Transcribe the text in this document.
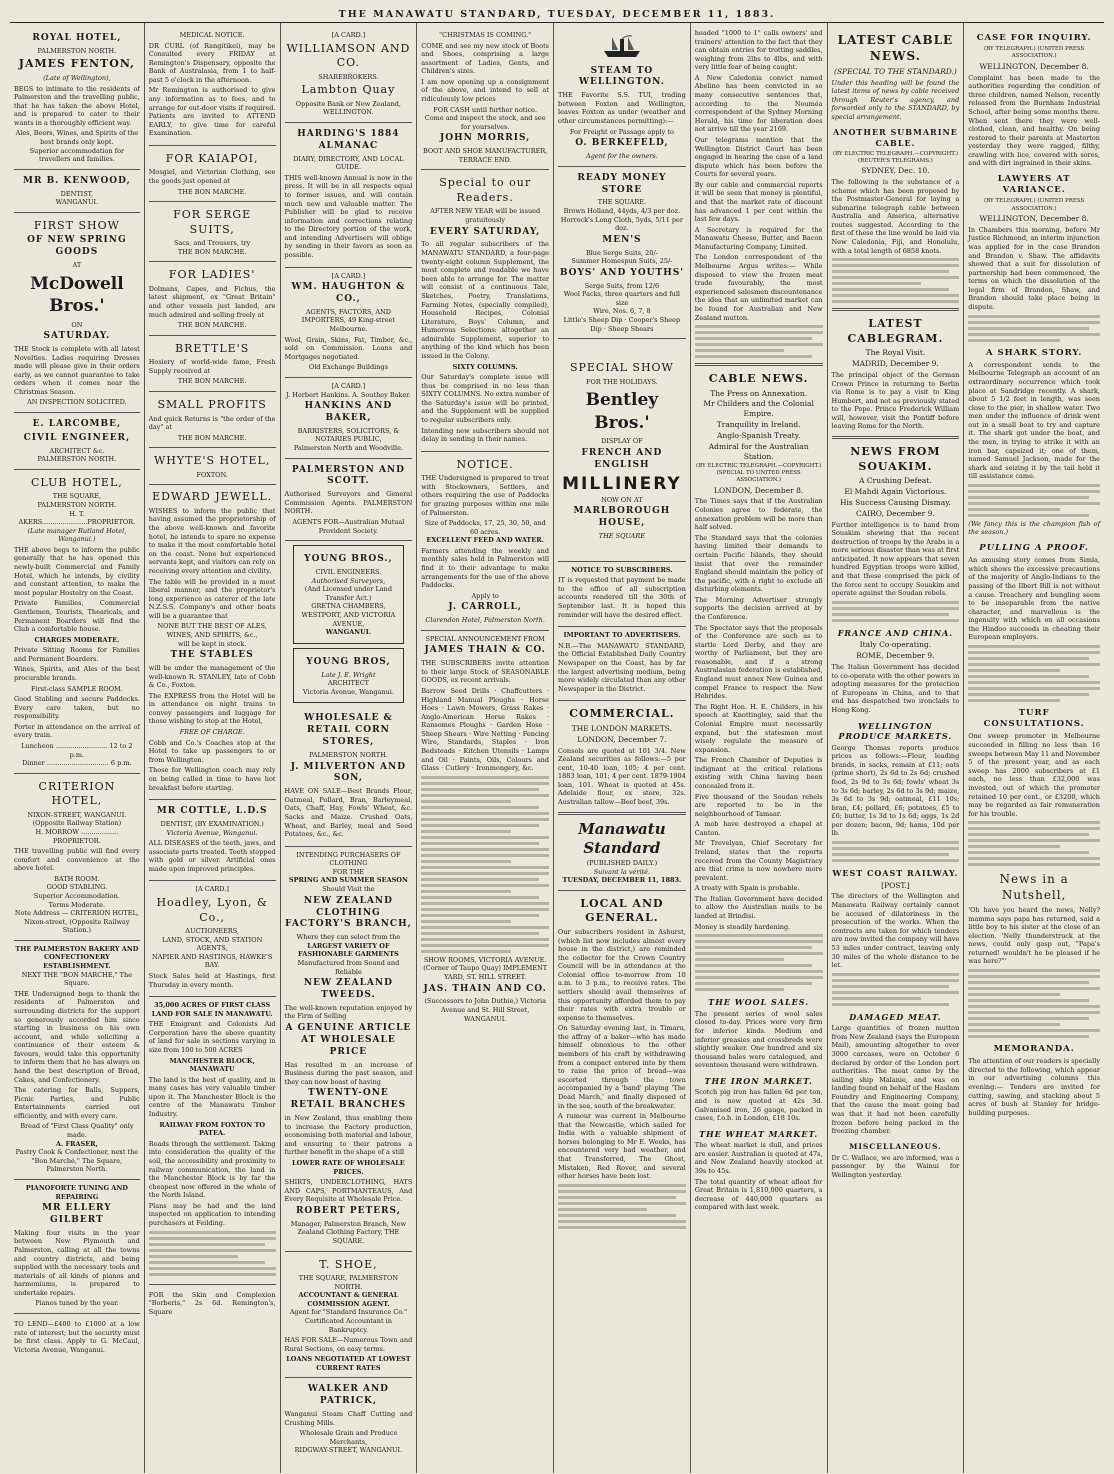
THE MANAWATU STANDARD, TUESDAY, DECEMBER 11, 1883.
ROYAL HOTEL,
PALMERSTON NORTH.
JAMES FENTON,
(Late of Wellington),
BEGS to intimate to the residents of Palmerston and the travelling public, that he has taken the above Hotel, and is prepared to cater to their wants in a thoroughly efficient way.
Ales, Beers, Wines, and Spirits of the best brands only kept.
Superior accommodation for travellers and families.
MR B. KENWOOD,
DENTIST,
WANGANUI.
FIRST SHOW
OF NEW SPRING GOODS
AT
McDowell Bros.'
ON
SATURDAY.
THE Stock is complete with all latest Novelties. Ladies requiring Dresses made will please give in their orders early, as we cannot guarantee to take orders when it comes near the Christmas Season.
AN INSPECTION SOLICITED.
E. LARCOMBE,
CIVIL ENGINEER,
ARCHITECT &c.
PALMERSTON NORTH.
CLUB HOTEL,
THE SQUARE,
PALMERSTON NORTH.
H. T. AKERS......................PROPRIETOR.
(Late manager Rutland Hotel, Wanganui.)
THE above begs to inform the public generally that he has opened this newly-built Commercial and Family Hotel, which he intends, by civility and constant attention, to make the most popular Hostelry on the Coast.
Private Families, Commercial Gentlemen, Tourists, Thearicals, and Permanent Boarders will find the Club a comfortable house.
CHARGES MODERATE.
Private Sitting Rooms for Families and Permanent Boarders.
Wines, Spirits, and Ales of the best procurable brands.
First-class SAMPLE ROOM.
Good Stabling and secure Paddocks. Every care taken, but no responsibility.
Porter in attendance on the arrival of every train.
Luncheon ......................... 12 to 2 p.m.
Dinner .............................. 6 p.m.
CRITERION HOTEL,
NIXON-STREET, WANGANUI.
(Opposite Railway Station)
H. MORROW .................. PROPRIETOR.
THE travelling public will find every comfort and convenience at the above hotel.
BATH ROOM.
GOOD STABLING.
Superior Accommodation.
Terms Moderate.
Note Address — CRITERION HOTEL, Nixon-street, (Opposite Railway Station.)
THE PALMERSTON BAKERY AND CONFECTIONERY ESTABLISHMENT.
NEXT THE "BON MARCHE," The Square.
THE Undersigned begs to thank the residents of Palmerston and surrounding districts for the support so generously accorded him since starting in business on his own account, and while soliciting a continuance of their esteem & favours, would take this opportunity to inform them that he has always on hand the best description of Bread, Cakes, and Confectionery.
The catering for Balls, Suppers, Picnic Parties, and Public Entertainments carried out efficiently, and with every care.
Bread of "First Class Quality" only made.
A. FRASER,
Pastry Cook & Confectioner, next the "Bon Marché," The Square, Palmerston North.
PIANOFORTE TUNING AND REPAIRING
MR ELLERY GILBERT
Making four visits in the year between New Plymouth and Palmerston, calling at all the towns and country districts, and being supplied with the necessary tools and materials of all kinds of pianos and harmoniums, is prepared to undertake repairs.
Pianos tuned by the year.
TO LEND—£400 to £1000 at a low rate of interest; but the security must be first class. Apply to G. McCaul, Victoria Avenue, Wanganui.
MEDICAL NOTICE.
DR CURL (of Rangitikei), may be Consulted every FRIDAY at Remington's Dispensary, opposite the Bank of Australasia, from 1 to half-past 5 o'clock in the afternoon.
Mr Remington is authorised to give any information as to fees, and to arrange for out-door visits if required. Patients are invited to ATTEND EARLY, to give time for careful Examination.
FOR KAIAPOI,
Mosgiel, and Victorian Clothing, see the goods just opened at
THE BON MARCHE.
FOR SERGE SUITS,
Sacs, and Trousers, try
THE BON MARCHE.
FOR LADIES'
Dolmans, Capes, and Fichus, the latest shipment, ex "Great Britain" and other vessels just landed, are much admired and selling freely at
THE BON MARCHE.
BRETTLE'S
Hosiery of world-wide fame, Fresh Supply received at
THE BON MARCHE.
SMALL PROFITS
And quick Returns is "the order of the day" at
THE BON MARCHE.
WHYTE'S HOTEL,
FOXTON.
EDWARD JEWELL.
WISHES to inform the public that having assumed the proprietorship of the above well-known and favorite hotel, he intends to spare no expense to make it the most comfortable hotel on the coast. None but experienced servants kept, and visitors can rely on receiving every attention and civility.
The table will be provided in a most liberal manner, and the proprietor's long experience as caterer of the late N.Z.S.S. Company's and other boats will be a guarantee that
NONE BUT THE BEST OF ALES, WINES, AND SPIRITS, &c.,
will be kept in stock.
THE STABLES
will be under the management of the well-known R. STANLEY, late of Cobb & Co., Foxton.
The EXPRESS from the Hotel will be in attendance on night trains to convey passengers and luggage for those wishing to stop at the Hotel,
FREE OF CHARGE.
Cobb and Co.'s Coaches stop at the Hotel to take up passengers to or from Wellington.
Those for Wellington coach may rely on being called in time to have hot breakfast before starting.
MR COTTLE, L.D.S
DENTIST, (BY EXAMINATION.)
Victoria Avenue, Wanganui.
ALL DISEASES of the teeth, jaws, and associate parts treated. Teeth stopped with gold or silver. Artificial ones made upon improved principles.
[A CARD.]
Hoadley, Lyon, & Co.,
AUCTIONEERS,
LAND, STOCK, AND STATION AGENTS,
NAPIER AND HASTINGS, HAWKE'S BAY.
Stock Sales held at Hastings, first Thursday in every month.
35,000 ACRES OF FIRST CLASS LAND FOR SALE IN MANAWATU.
THE Emigrant and Colonists Aid Corporation have the above quantity of land for sale in sections varying in size from 100 to 500 ACRES
MANCHESTER BLOCK, MANAWATU
The land is the best of quality, and in many cases has very valuable timber upon it. The Manchester Block is the centre of the Manawatu Timber Industry.
RAILWAY FROM FOXTON TO PATEA.
Roads through the settlement. Taking into consideration the quality of the soil, the accessibility and proximity to railway communication, the land in the Manchester Block is by far the cheapest now offered in the whole of the North Island.
Plans may be had and the land inspected on application to intending purchasers at Feilding.
FOR the Skin and Complexion "Borberis," 2s 6d. Remington's, Square
[A CARD.]
WILLIAMSON AND CO.
SHAREBROKERS.
Lambton Quay
Opposite Bank or New Zealand, WELLINGTON.
HARDING'S 1884 ALMANAC
DIARY, DIRECTORY, AND LOCAL GUIDE.
THIS well-known Annual is now in the press. It will be in all respects equal to former issues, and will contain much new and valuable matter. The Publisher will be glad to receive information and corrections relating to the Directory portion of the work, and intending Advertisers will oblige by sending in their favors as soon as possible.
[A CARD.]
WM. HAUGHTON & CO.,
AGENTS, FACTORS, AND IMPORTERS, 49 King-street Melbourne.
Wool, Grain, Skins, Fat, Timber, &c., sold on Commission. Loans and Mortgages negotiated.
Old Exchange Buildings
[A CARD.]
J. Herbert Hankins. A. Southey Baker.
HANKINS AND BAKER,
BARRISTERS, SOLICITORS, & NOTARIES PUBLIC,
Palmerston North and Woodville.
PALMERSTON AND SCOTT.
Authorised Surveyors and General Commission Agents. PALMERSTON NORTH.
AGENTS FOR—Australian Mutual Provident Society.
YOUNG BROS.,
CIVIL ENGINEERS.
Authorised Surveyors,
(And Licensed under Land Transfer Act.)
GRETNA CHAMBERS, WESTPORT, AND VICTORIA AVENUE,
WANGANUI.
YOUNG BROS,
Late J. E. Wright
ARCHITECT
Victoria Avenue, Wanganui.
WHOLESALE & RETAIL CORN STORES,
PALMERSTON NORTH.
J. MILVERTON AND SON,
HAVE ON SALE—Best Brands Flour, Oatmeal, Pollard, Bran, Barleymeal, Oats, Chaff, Hay, Fowls' Wheat, &c. Sacks and Maize. Crushed Oats, Wheat, and Barley, meal and Seed Potatoes, &c., &c.
INTENDING PURCHASERS OF CLOTHING
FOR THE
SPRING AND SUMMER SEASON
Should Visit the
NEW ZEALAND CLOTHING FACTORY'S BRANCH,
Where they can select from the
LARGEST VARIETY OF FASHIONABLE GARMENTS
Manufactured from Sound and Reliable
NEW ZEALAND TWEEDS.
The well-known reputation enjoyed by the Firm of Selling
A GENUINE ARTICLE AT WHOLESALE PRICE
Has resulted in an increase of Business during the past season, and they can now boast of having
TWENTY-ONE RETAIL BRANCHES
in New Zealand, thus enabling them to increase the Factory production, economising both material and labour, and ensuring to their patrons a further benefit in the shape of a still
LOWER RATE OF WHOLESALE PRICES.
SHIRTS, UNDERCLOTHING, HATS AND CAPS, PORTMANTEAUS, And Every Requisite at Wholesale Price.
ROBERT PETERS,
Manager, Palmerston Branch, New Zealand Clothing Factory, THE SQUARE.
T. SHOE,
THE SQUARE, PALMERSTON NORTH.
ACCOUNTANT & GENERAL COMMISSION AGENT.
Agent for "Standard Insurance Co."
Certificated Accountant in Bankruptcy.
HAS FOR SALE—Numerous Town and Rural Sections, on easy terms.
LOANS NEGOTIATED AT LOWEST CURRENT RATES
WALKER AND PATRICK,
Wanganui Steam Chaff Cutting and Crushing Mills.
Wholesale Grain and Produce Merchants,
RIDGWAY-STREET, WANGANUI.
"CHRISTMAS IS COMING."
COME and see my new stock of Boots and Shoes, comprising a large assortment of Ladies, Gents, and Children's sizes.
I am now opening up a consignment of the above, and intend to sell at ridiculously low prices
FOR CASH until further notice.
Come and inspect the stock, and see for yourselves.
JOHN MORRIS,
BOOT AND SHOE MANUFACTURER, TERRACE END.
Special to our Readers.
AFTER NEW YEAR will be issued gratuitously
EVERY SATURDAY,
To all regular subscribers of the MANAWATU STANDARD, a four-page twenty-eight column Supplement, the most complete and readable we have been able to arrange for. The matter will consist of a continuous Tale, Sketches, Poetry, Translations, Farming Notes, (specially compiled), Household Recipes, Colonial Literature, Boys' Column, and Humorous Selections: altogether an admirable Supplement, superior to anything of the kind which has been issued in the Colony.
SIXTY COLUMNS.
Our Saturday's complete issue will thus be comprised in no less than SIXTY COLUMNS. No extra number of the Saturday's issue will be printed, and the Supplement will be supplied to regular subscribers only.
Intending new subscribers should not delay in sending in their names.
NOTICE.
THE Undersigned is prepared to treat with Stockowners, Settlers, and others requiring the use of Paddocks for grazing purposes within one mile of Palmerston.
Size of Paddocks, 17, 25, 30, 50, and 60 acres.
EXCELLENT FEED AND WATER.
Farmers attending the weekly and monthly sales held in Palmerston will find it to their advantage to make arrangements for the use of the above Paddocks.
Apply to
J. CARROLL,
Clarendon Hotel, Palmerston North.
SPECIAL ANNOUNCEMENT FROM
JAMES THAIN & CO.
THE SUBSCRIBERS invite attention to their large Stock of SEASONABLE GOODS, ex recent arrivals.
Barrow Seed Drills · Chaffcutters · Highland Manual Ploughs · Horse Hoes · Lawn Mowers, Grass Rakes · Anglo-American Horse Rakes · Ransomes Ploughs · Garden Hose · Sheep Shears · Wire Netting · Fencing Wire, Standards, Staples · Iron Bedsteads · Kitchen Utensils · Lamps and Oil · Paints, Oils, Colours and Glass · Cutlery · Ironmongery, &c.
SHOW ROOMS, VICTORIA AVENUE.
(Corner of Taupo Quay) IMPLEMENT YARD, ST. HILL STREET.
JAS. THAIN AND CO.
(Successors to John Duthie,) Victoria Avenue and St. Hill Street, WANGANUI.
STEAM TO WELLINGTON.
THE Favorite S.S. TUI, trading between Foxton and Wellington, leaves Foxton as under (weather and other circumstances permitting):—
For Freight or Passage apply to
O. BERKEFELD,
Agent for the owners.
READY MONEY STORE
THE SQUARE.
Brown Holland, 44yds, 4/3 per doz.
Horrock's Long Cloth, 5yds, 5/11 per doz.
MEN'S
Blue Serge Suits, 20/-
Summer Homespun Suits, 25/-
BOYS' AND YOUTHS'
Serge Suits, from 12/6
Wool Packs, three quarters and full size
Wire, Nos. 6, 7, 8
Little's Sheep Dip · Cooper's Sheep Dip · Sheep Shears
SPECIAL SHOW
FOR THE HOLIDAYS.
Bentley Bros.'
DISPLAY OF
FRENCH AND ENGLISH
MILLINERY
NOW ON AT
MARLBOROUGH HOUSE,
THE SQUARE
NOTICE TO SUBSCRIBERS.
IT is requested that payment be made to the office of all subscription accounts rendered till the 30th of September last. It is hoped this reminder will have the desired effect.
IMPORTANT TO ADVERTISERS.
N.B.—The MANAWATU STANDARD, the Official Established Daily Country Newspaper on the Coast, has by far the largest advertising medium, being more widely circulated than any other Newspaper in the District.
COMMERCIAL.
THE LONDON MARKETS.
LONDON, December 7.
Consols are quoted at 101 3/4. New Zealand securities as follows:—5 per cent, 10-40 loan, 105; 4 per cent. 1883 loan, 101; 4 per cent. 1879-1904 loan, 101. Wheat is quoted at 45s. Adelaide flour, ex store, 32s. Australian tallow—Beef beef, 39s.
Manawatu Standard
(PUBLISHED DAILY.)
Suivant la vérité.
TUESDAY, DECEMBER 11, 1883.
LOCAL AND GENERAL.
Our subscribers resident in Ashurst, (which list now includes almost every house in the district,) are reminded the collector for the Crown Country Council will be in attendance at the Colonial office to-morrow from 10 a.m. to 3 p.m., to receive rates. The settlers should avail themselves of this opportunity afforded them to pay their rates with extra trouble or expense to themselves.
On Saturday evening last, in Timaru, the affray of a baker—who has made himself obnoxious to the other members of his craft by withdrawing from a compact entered into by them to raise the price of bread—was escorted through the town accompanied by a 'band' playing 'The Dead March,' and finally disposed of in the sea, south of the breakwater.
A rumour was current in Melbourne that the Newcastle, which sailed for India with a valuable shipment of horses belonging to Mr E. Weeks, has encountered very bad weather, and that Transferred, The Ghost, Mistaken, Red Rover, and several other horses have been lost.
headed "1000 to 1" calls owners' and trainers' attention to the fact that they can obtain entries for trotting saddles, weighing from 2lbs to 4lbs, and with very little fear of being caught.
A New Caledonia convict named Abelino has been convicted in so many consecutive sentences that, according to the Nouméa correspondent of the Sydney Morning Herald, his time for liberation does not arrive till the year 2169.
Our telegrams mention that the Wellington District Court has been engaged in hearing the case of a land dispute which has been before the Courts for several years.
By our cable and commercial reports it will be seen that money is plentiful, and that the market rate of discount has advanced 1 per cent within the last few days.
A Secretary is required for the Manawatu Cheese, Butter, and Bacon Manufacturing Company, Limited.
The London correspondent of the Melbourne Argus writes:— While disposed to view the frozen meat trade favourably, the most experienced salesmen discountenance the idea that an unlimited market can be found for Australian and New Zealand mutton.
CABLE NEWS.
The Press on Annexation.
Mr Childers and the Colonial Empire.
Tranquility in Ireland.
Anglo-Spanish Treaty.
Admiral for the Australian Station.
(BY ELECTRIC TELEGRAPH.—COPYRIGHT.) (SPECIAL TO UNITED PRESS ASSOCIATION.)
LONDON, December 8.
The Times says that if the Australian Colonies agree to federate, the annexation problem will be more than half solved.
The Standard says that the colonies having limited their demands to certain Pacific Islands, they should insist that over the remainder England should maintain the policy of the pacific, with a right to exclude all disturbing elements.
The Morning Advertiser strongly supports the decision arrived at by the Conference.
The Spectator says that the proposals of the Conference are such as to startle Lord Derby, and they are worthy of Parliament, but they are reasonable, and if a strong Australasian federation is established, England must annex New Guinea and compel France to respect the New Hebrides.
The Right Hon. H. E. Childers, in his speech at Knottingley, said that the Colonial Empire must necessarily expand, but the statesmen must wisely regulate the measure of expansion.
The French Chamber of Deputies is indignant at the critical relations existing with China having been concealed from it.
Five thousand of the Soudan rebels are reported to be in the neighbourhood of Tamaar.
A mob have destroyed a chapel at Canton.
Mr Trevelyan, Chief Secretary for Ireland, states that the reports received from the County Magistracy are that crime is now nowhere more prevalent.
A treaty with Spain is probable.
The Italian Government have decided to allow the Australian mails to be landed at Brindisi.
Money is steadily hardening.
THE WOOL SALES.
The present series of wool sales closed to-day. Prices were very firm for inferior kinds. Medium and inferior greasies and crossbreds were slightly weaker. One hundred and six thousand bales were catalogued, and seventeen thousand were withdrawn.
THE IRON MARKET.
Scotch pig iron has fallen 6d per ton, and is now quoted at 42s 3d. Galvanised iron, 26 gauge, packed in cases, f.o.b. in London, £18 10s.
THE WHEAT MARKET.
The wheat market is dull, and prices are easier. Australian is quoted at 47s, and New Zealand heavily stocked at 39s to 45s.
The total quantity of wheat afloat for Great Britain is 1,810,000 quarters, a decrease of 440,000 quarters as compared with last week.
LATEST CABLE NEWS.
(SPECIAL TO THE STANDARD.)
Under this heading will be found the latest items of news by cable received through Reuter's agency, and forwarded only to the STANDARD, by special arrangement.
ANOTHER SUBMARINE CABLE.
(BY ELECTRIC TELEGRAPH.—COPYRIGHT.) (REUTER'S TELEGRAMS.)
SYDNEY, Dec. 10.
The following is the substance of a scheme which has been proposed by the Postmaster-General for laying a submarine telegraph cable between Australia and America, alternative routes suggested. According to the first of these the line would be laid via New Caledonia, Fiji, and Honolulu, with a total length of 6858 knots.
LATEST CABLEGRAM.
The Royal Visit.
MADRID, December 9.
The principal object of the German Crown Prince in returning to Berlin via Rome is to pay a visit to King Humbert, and not as previously stated to the Pope. Prince Frederick William will, however, visit the Pontiff before leaving Rome for the North.
NEWS FROM SOUAKIM.
A Crushing Defeat.
El Mahdi Again Victorious.
His Success Causing Dismay.
CAIRO, December 9.
Further intelligence is to hand from Souakim shewing that the recent destruction of troops by the Arabs is a more serious disaster than was at first anticipated. It now appears that seven hundred Egyptian troops were killed, and that these comprised the pick of the force sent to occupy Souakim and operate against the Soudan rebels.
FRANCE AND CHINA.
Italy Co-operating.
ROME, December 9.
The Italian Government has decided to co-operate with the other powers in adopting measures for the protection of Europeans in China, and to that end has despatched two ironclads to Hong Kong.
WELLINGTON PRODUCE MARKETS.
George Thomas reports produce prices as follows:—Flour, leading brands, in sacks, remain at £11; oats (prime short), 2s 6d to 2s 6d; crushed food, 2s 9d to 3s 6d; fowls' wheat 3s to 3s 6d; barley, 2s 6d to 3s 9d; maize, 3s 6d to 3s 9d; oatmeal, £11 10s; bran, £4; pollard, £6; potatoes, £5 to £6; butter, 1s 3d to 1s 6d; eggs, 1s 2d per dozen; bacon, 9d; hams, 10d per lb.
WEST COAST RAILWAY.
[POST.]
The directors of the Wellington and Manawatu Railway certainly cannot be accused of dilatoriness in the prosecution of the works. When the contracts are taken for which tenders are now invited the company will have 53 miles under contract, leaving only 30 miles of the whole distance to be let.
DAMAGED MEAT.
Large quantities of frozen mutton from New Zealand (says the European Mail), amounting altogether to over 3000 carcases, were on October 6 declared by order of the London port authorities. The meat came by the sailing ship Malanie, and was on landing found on behalf of the Haslam Foundry and Engineering Company, that the cause the meat going bad was that it had not been carefully frozen before being packed in the freezing chamber.
MISCELLANEOUS.
Dr C. Wallace, we are informed, was a passenger by the Wainui for Wellington yesterday.
CASE FOR INQUIRY.
(BY TELEGRAPH.) (UNITED PRESS ASSOCIATION.)
WELLINGTON, December 8.
Complaint has been made to the authorities regarding the condition of three children, named Nelson, recently released from the Burnham Industrial School, after being some months there. When sent there they were well-clothed, clean, and healthy. On being restored to their parents at Masterton yesterday they were ragged, filthy, crawling with lice, covered with sores, and with dirt ingrained in their skins.
LAWYERS AT VARIANCE.
(BY TELEGRAPH.) (UNITED PRESS ASSOCIATION.)
WELLINGTON, December 8.
In Chambers this morning, before Mr Justice Richmond, an interim injunction was applied for in the case Brandon and Brandon v. Shaw. The affidavits showed that a suit for dissolution of partnership had been commenced, the terms on which the dissolution of the legal firm of Brandon, Shaw, and Brandon should take place being in dispute.
A SHARK STORY.
A correspondent sends to the Melbourne Telegraph an account of an extraordinary occurrence which took place at Sandridge recently. A shark, about 5 1/2 feet in length, was seen close to the pier, in shallow water. Two men under the influence of drink went out in a small boat to try and capture it. The shark got under the boat, and the men, in trying to strike it with an iron bar, capsized it; one of them, named Samuel Jackson, made for the shark and seizing it by the tail held it till assistance came.
(We fancy this is the champion fish of the season.)
PULLING A PROOF.
An amusing story comes from Simla, which shows the excessive precautions of the majority of Anglo-Indians to the passing of the Ilbert Bill is not without a cause. Treachery and bungling seem to be inseparable from the native character, and marvellous is the ingenuity with which on all occasions the Hindoo succeeds in cheating their European employers.
TURF CONSULTATIONS.
One sweep promoter in Melbourne succeeded in filling no less than 16 sweeps between May 11 and November 5 of the present year, and as each sweep has 2000 subscribers at £1 each, no less than £32,000 was invested, out of which the promoter retained 10 per cent., or £3200, which may be regarded as fair remuneration for his trouble.
News in a Nutshell,
'Oh have you heard the news, Nelly? mamma says papa has returned, said a little boy to his sister at the close of an election. 'Nelly thunderstruck at the news, could only gasp out, "Papa's returned! wouldn't he be pleased if he was here?"'
MEMORANDA.
The attention of our readers is specially directed to the following, which appear in our advertising columns this evening:— Tenders are invited for cutting, sawing, and stacking about 5 acres of bush at Stanley for bridge-building purposes.
